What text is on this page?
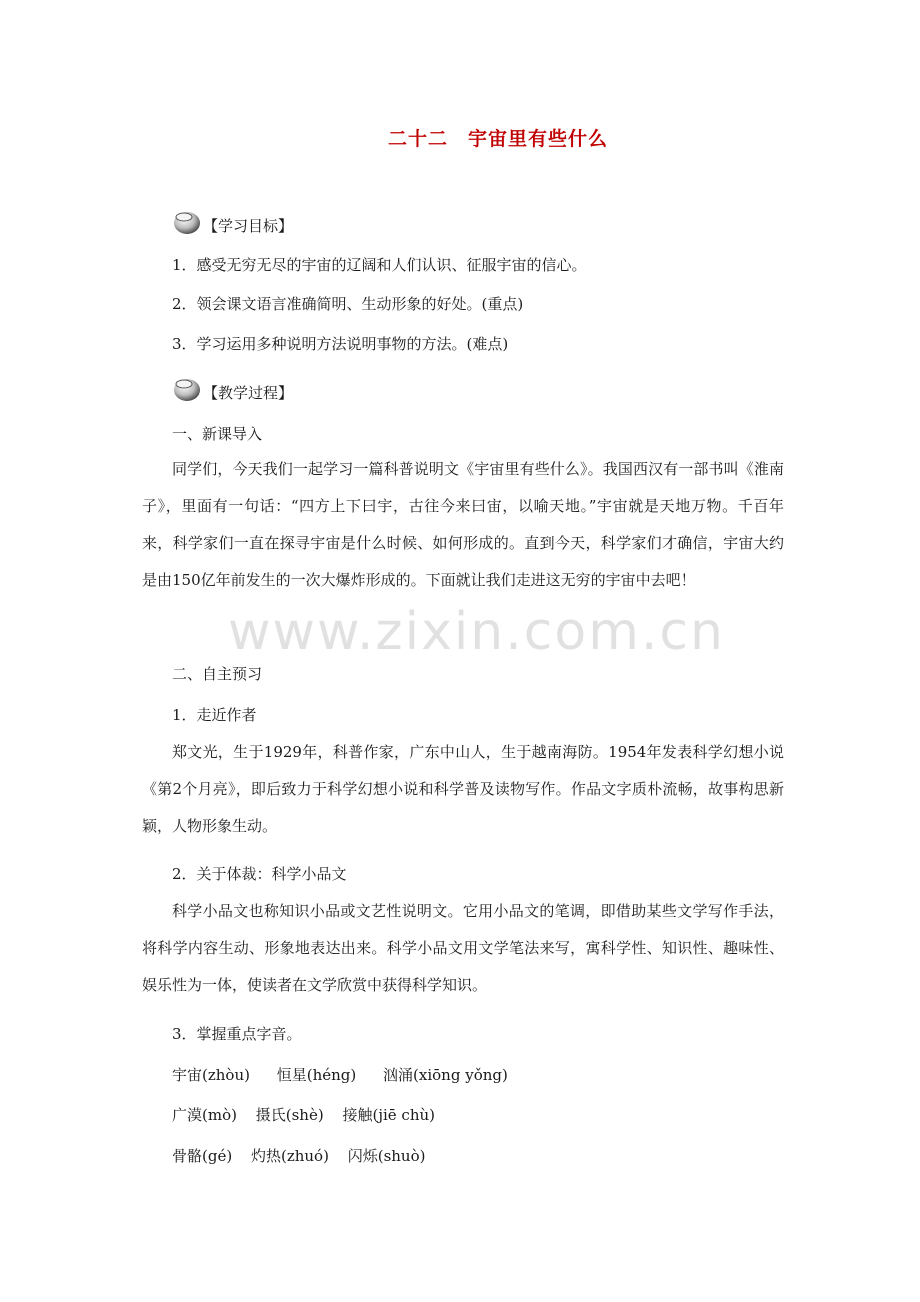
二十二　宇宙里有些什么
【学习目标】
1．感受无穷无尽的宇宙的辽阔和人们认识、征服宇宙的信心。
2．领会课文语言准确简明、生动形象的好处。(重点)
3．学习运用多种说明方法说明事物的方法。(难点)
【教学过程】
一、新课导入
同学们，今天我们一起学习一篇科普说明文《宇宙里有些什么》。我国西汉有一部书叫《淮南子》，里面有一句话：“四方上下曰宇，古往今来曰宙，以喻天地。”宇宙就是天地万物。千百年来，科学家们一直在探寻宇宙是什么时候、如何形成的。直到今天，科学家们才确信，宇宙大约是由150亿年前发生的一次大爆炸形成的。下面就让我们走进这无穷的宇宙中去吧！
www.zixin.com.cn
二、自主预习
1．走近作者
郑文光，生于1929年，科普作家，广东中山人，生于越南海防。1954年发表科学幻想小说《第2个月亮》，即后致力于科学幻想小说和科学普及读物写作。作品文字质朴流畅，故事构思新颖，人物形象生动。
2．关于体裁：科学小品文
科学小品文也称知识小品或文艺性说明文。它用小品文的笔调，即借助某些文学写作手法，将科学内容生动、形象地表达出来。科学小品文用文学笔法来写，寓科学性、知识性、趣味性、娱乐性为一体，使读者在文学欣赏中获得科学知识。
3．掌握重点字音。
宇宙(zhòu) 恒星(héng) 汹涌(xiōng yǒng)
广漠(mò) 摄氏(shè) 接触(jiē chù)
骨骼(gé) 灼热(zhuó) 闪烁(shuò)
